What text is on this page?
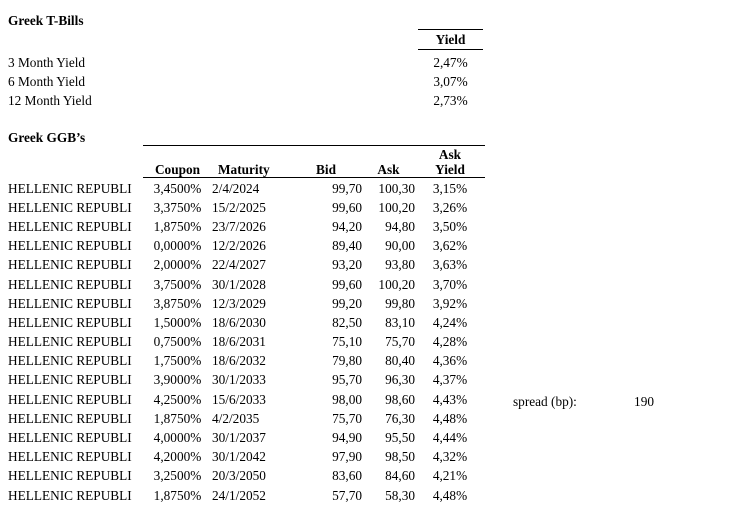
Greek T-Bills
Yield
3 Month Yield	2,47%
6 Month Yield	3,07%
12 Month Yield	2,73%
Greek GGB’s
Coupon	Maturity	Bid	Ask
Ask
Yield
HELLENIC REPUBLI	3,4500%	2/4/2024	99,70	100,30	3,15%
HELLENIC REPUBLI	3,3750%	15/2/2025	99,60	100,20	3,26%
HELLENIC REPUBLI	1,8750%	23/7/2026	94,20	94,80	3,50%
HELLENIC REPUBLI	0,0000%	12/2/2026	89,40	90,00	3,62%
HELLENIC REPUBLI	2,0000%	22/4/2027	93,20	93,80	3,63%
HELLENIC REPUBLI	3,7500%	30/1/2028	99,60	100,20	3,70%
HELLENIC REPUBLI	3,8750%	12/3/2029	99,20	99,80	3,92%
HELLENIC REPUBLI	1,5000%	18/6/2030	82,50	83,10	4,24%
HELLENIC REPUBLI	0,7500%	18/6/2031	75,10	75,70	4,28%
HELLENIC REPUBLI	1,7500%	18/6/2032	79,80	80,40	4,36%
HELLENIC REPUBLI	3,9000%	30/1/2033	95,70	96,30	4,37%
HELLENIC REPUBLI	4,2500%	15/6/2033	98,00	98,60	4,43%
HELLENIC REPUBLI	1,8750%	4/2/2035	75,70	76,30	4,48%
HELLENIC REPUBLI	4,0000%	30/1/2037	94,90	95,50	4,44%
HELLENIC REPUBLI	4,2000%	30/1/2042	97,90	98,50	4,32%
HELLENIC REPUBLI	3,2500%	20/3/2050	83,60	84,60	4,21%
HELLENIC REPUBLI	1,8750%	24/1/2052	57,70	58,30	4,48%
spread (bp):	190
